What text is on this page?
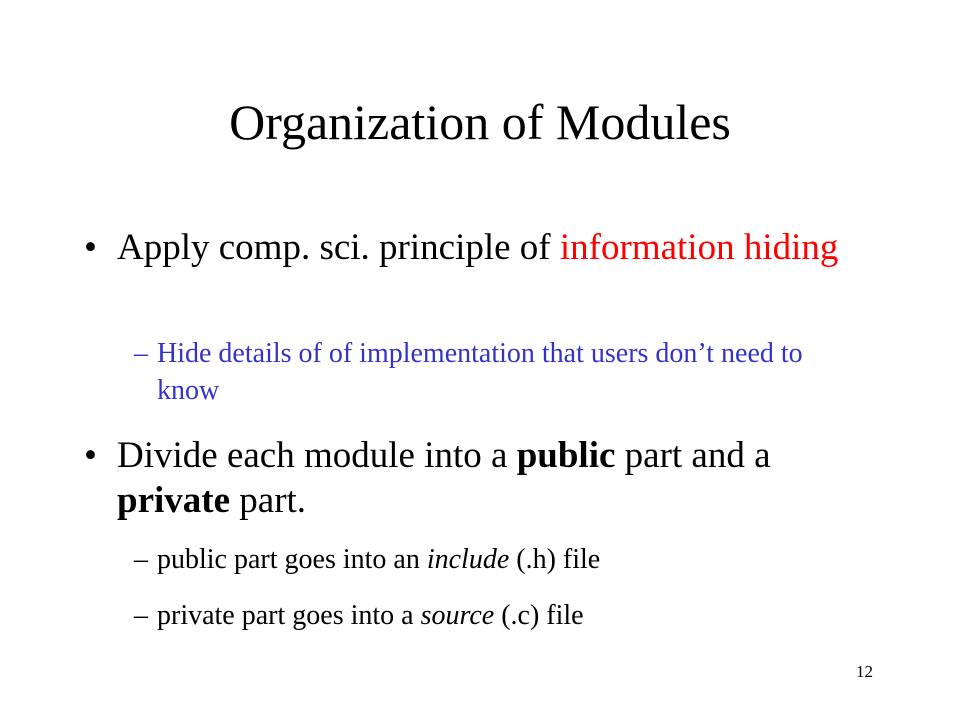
Organization of Modules
• Apply comp. sci. principle of information hiding
– Hide details of of implementation that users don’t need to know
• Divide each module into a public part and a private part.
– public part goes into an include (.h) file
– private part goes into a source (.c) file
12
